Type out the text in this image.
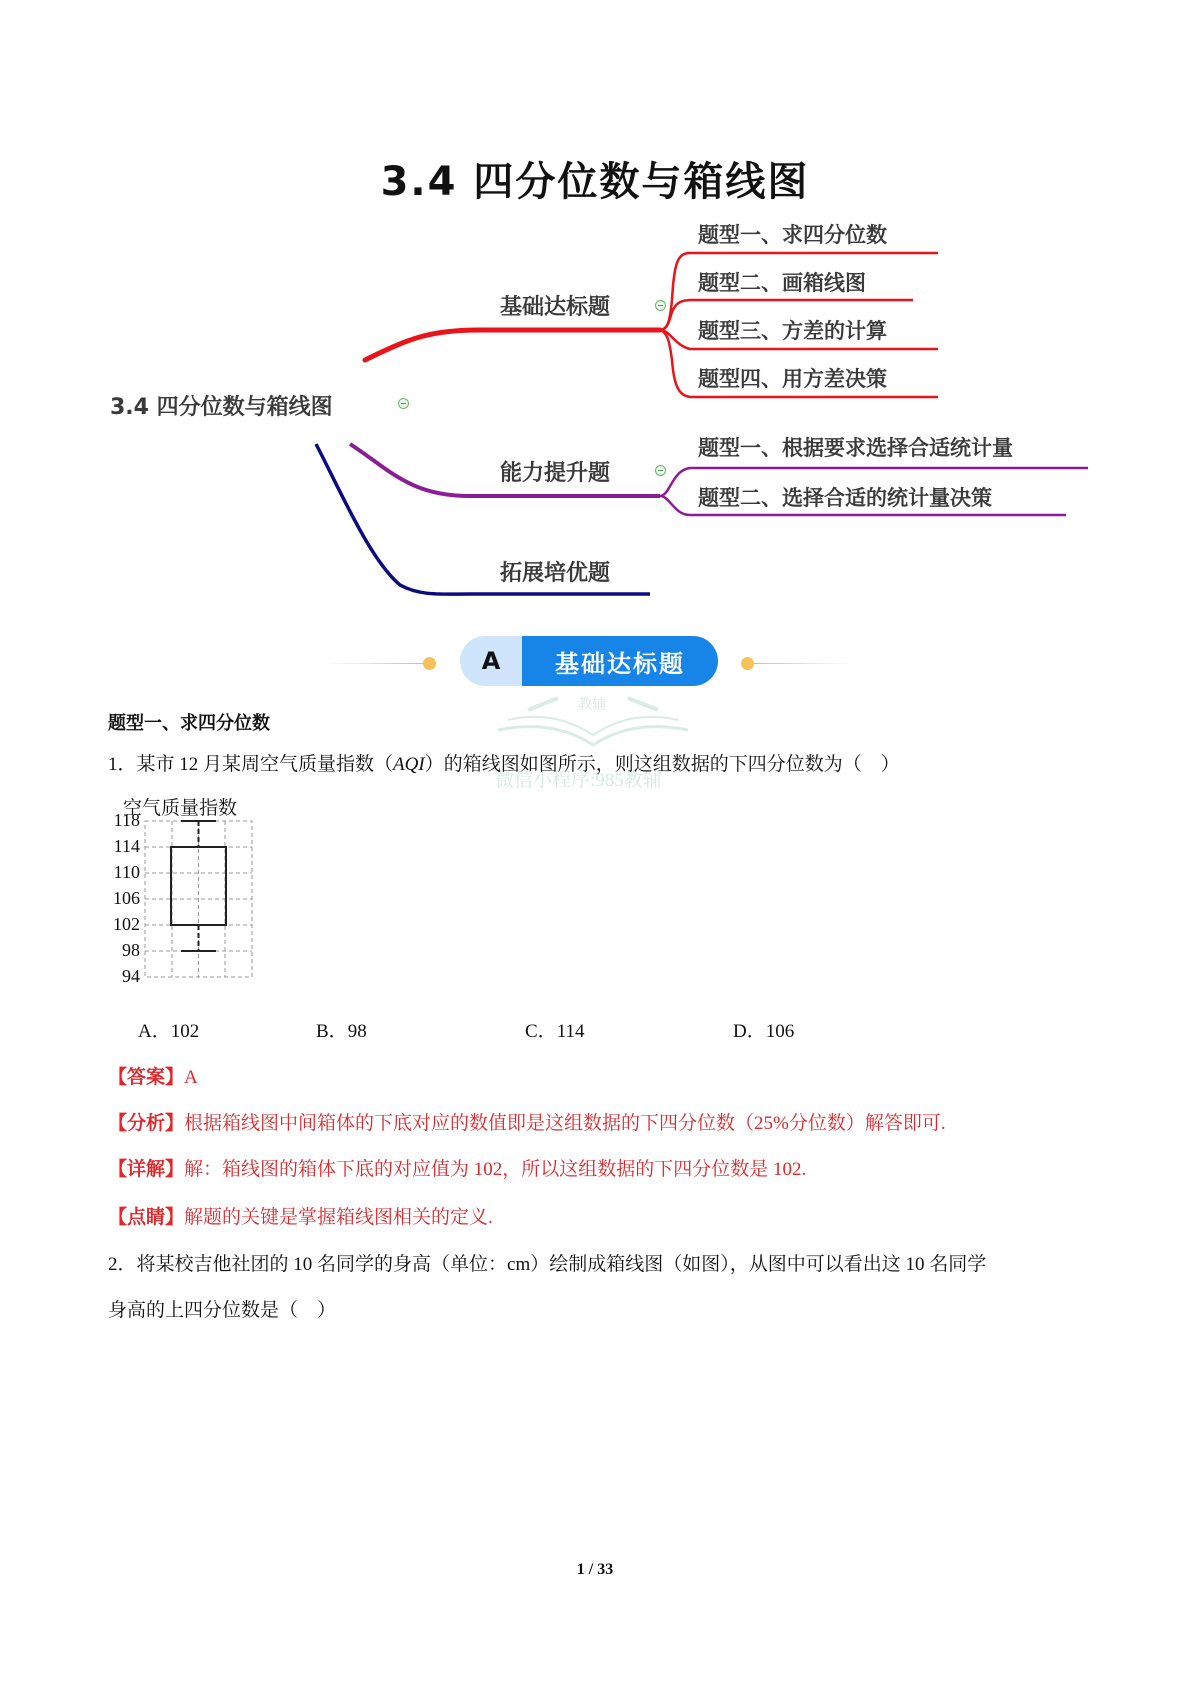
3.4 四分位数与箱线图
3.4 四分位数与箱线图
基础达标题
题型一、求四分位数
题型二、画箱线图
题型三、方差的计算
题型四、用方差决策
能力提升题
题型一、根据要求选择合适统计量
题型二、选择合适的统计量决策
拓展培优题
A	基础达标题
教辅
微信小程序:985教辅
题型一、求四分位数
1．某市 12 月某周空气质量指数（AQI）的箱线图如图所示，则这组数据的下四分位数为（　）
空气质量指数
118
114
110
106
102
98
94
A．102	B．98	C．114	D．106
【答案】A
【分析】根据箱线图中间箱体的下底对应的数值即是这组数据的下四分位数（25%分位数）解答即可.
【详解】解：箱线图的箱体下底的对应值为 102，所以这组数据的下四分位数是 102.
【点睛】解题的关键是掌握箱线图相关的定义.
2．将某校吉他社团的 10 名同学的身高（单位：cm）绘制成箱线图（如图），从图中可以看出这 10 名同学
身高的上四分位数是（　）
1 / 33
